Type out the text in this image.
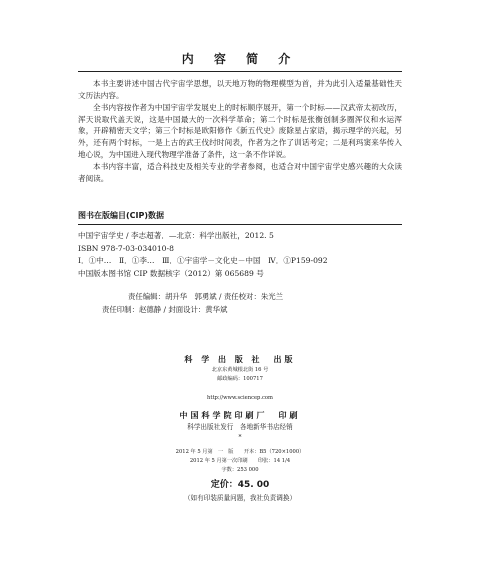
内 容 简 介

本书主要讲述中国古代宇宙学思想，以天地万物的物理模型为首，并为此引入适量基础性天文历法内容。

全书内容按作者为中国宇宙学发展史上的时标顺序展开，第一个时标——汉武帝太初改历，浑天说取代盖天说，这是中国最大的一次科学革命；第二个时标是张衡创制多圈浑仪和水运浑象，开辟精密天文学；第三个时标是欧阳修作《新五代史》废除星占家语，揭示理学的兴起，另外，还有两个时标，一是上古的武王伐纣时间表，作者为之作了训话考定；二是利玛窦来华传入地心说，为中国进入现代物理学准备了条件，这一条不作详说。

本书内容丰富，适合科技史及相关专业的学者参阅，也适合对中国宇宙学史感兴趣的大众读者阅读。

图书在版编目(CIP)数据
中国宇宙学史 / 李志超著．—北京：科学出版社，2012. 5
ISBN 978-7-03-034010-8
Ⅰ．①中…　Ⅱ．①李…　Ⅲ．①宇宙学－文化史－中国　Ⅳ．①P159-092
中国版本图书馆 CIP 数据核字（2012）第 065689 号
责任编辑：胡升华　郭勇斌 / 责任校对：朱光兰
责任印制：赵德静 / 封面设计：黄华斌
科 学 出 版 社　出版
北京东黄城根北街 16 号
邮政编码：100717
http://www.sciencep.com
中国科学院印刷厂　印刷
科学出版社发行　各地新华书店经销
*
2012 年 5 月第　一　版　　开本：B5（720×1000）
2012 年 5 月第一次印刷　　印张：14 1/4
字数：253 000
定价：45. 00
（如有印装质量问题，我社负责调换）
